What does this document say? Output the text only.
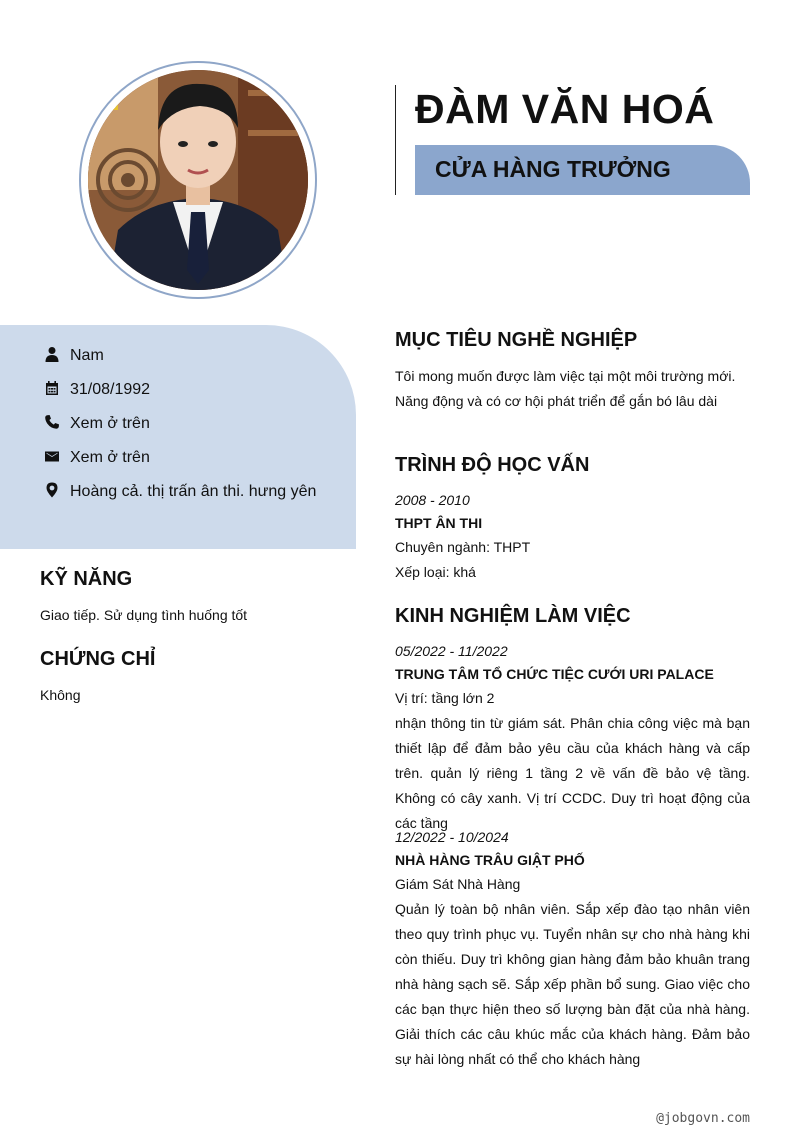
ĐÀM VĂN HOÁ
CỬA HÀNG TRƯỞNG
Nam
31/08/1992
Xem ở trên
Xem ở trên
Hoàng cả. thị trấn ân thi. hưng yên
KỸ NĂNG
Giao tiếp. Sử dụng tình huống tốt
CHỨNG CHỈ
Không
MỤC TIÊU NGHỀ NGHIỆP
Tôi mong muốn được làm việc tại một môi trường mới. Năng động và có cơ hội phát triển để gắn bó lâu dài
TRÌNH ĐỘ HỌC VẤN
2008 - 2010
THPT ÂN THI
Chuyên ngành: THPT
Xếp loại: khá
KINH NGHIỆM LÀM VIỆC
05/2022 - 11/2022
TRUNG TÂM TỔ CHỨC TIỆC CƯỚI URI PALACE
Vị trí: tầng lớn 2
nhận thông tin từ giám sát. Phân chia công việc mà bạn thiết lập để đảm bảo yêu cầu của khách hàng và cấp trên. quản lý riêng 1 tầng 2 về vấn đề bảo vệ tầng. Không có cây xanh. Vị trí CCDC. Duy trì hoạt động của các tầng
12/2022 - 10/2024
NHÀ HÀNG TRÂU GIẬT PHỐ
Giám Sát Nhà Hàng
Quản lý toàn bộ nhân viên. Sắp xếp đào tạo nhân viên theo quy trình phục vụ. Tuyển nhân sự cho nhà hàng khi còn thiếu. Duy trì không gian hàng đảm bảo khuân trang nhà hàng sạch sẽ. Sắp xếp phần bổ sung. Giao việc cho các bạn thực hiện theo số lượng bàn đặt của nhà hàng. Giải thích các câu khúc mắc của khách hàng. Đảm bảo sự hài lòng nhất có thể cho khách hàng
@jobgovn.com
